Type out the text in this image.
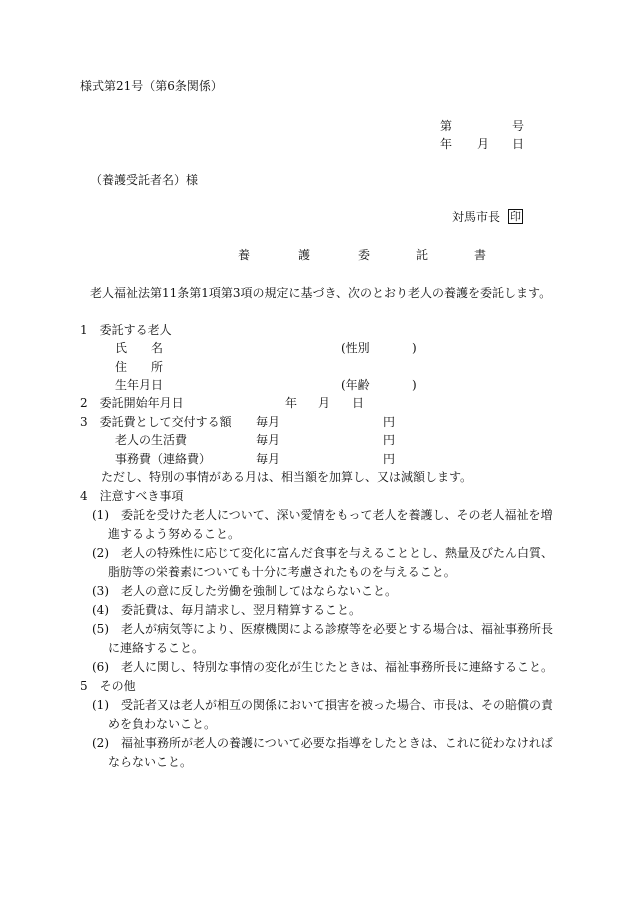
様式第21号（第6条関係）
第	号
年 月 日
（養護受託者名） 様
対馬市長 印
養	護	委	託	書
老人福祉法第11条第1項第3項の規定に基づき、次のとおり老人の養護を委託します。
1　委託する老人
氏　　名	(性別	)
住　　所
生年月日	(年齢	)
2　委託開始年月日	年 月 日
3　委託費として交付する額 毎月	円
老人の生活費	毎月	円
事務費（連絡費）	毎月	円
ただし、特別の事情がある月は、相当額を加算し、又は減額します。
4　注意すべき事項
(1) 委託を受けた老人について、深い愛情をもって老人を養護し、その老人福祉を増
進するよう努めること。
(2) 老人の特殊性に応じて変化に富んだ食事を与えることとし、熱量及びたん白質、
脂肪等の栄養素についても十分に考慮されたものを与えること。
(3) 老人の意に反した労働を強制してはならないこと。
(4) 委託費は、毎月請求し、翌月精算すること。
(5) 老人が病気等により、医療機関による診療等を必要とする場合は、福祉事務所長
に連絡すること。
(6) 老人に関し、特別な事情の変化が生じたときは、福祉事務所長に連絡すること。
5　その他
(1) 受託者又は老人が相互の関係において損害を被った場合、市長は、その賠償の責
めを負わないこと。
(2) 福祉事務所が老人の養護について必要な指導をしたときは、これに従わなければ
ならないこと。
